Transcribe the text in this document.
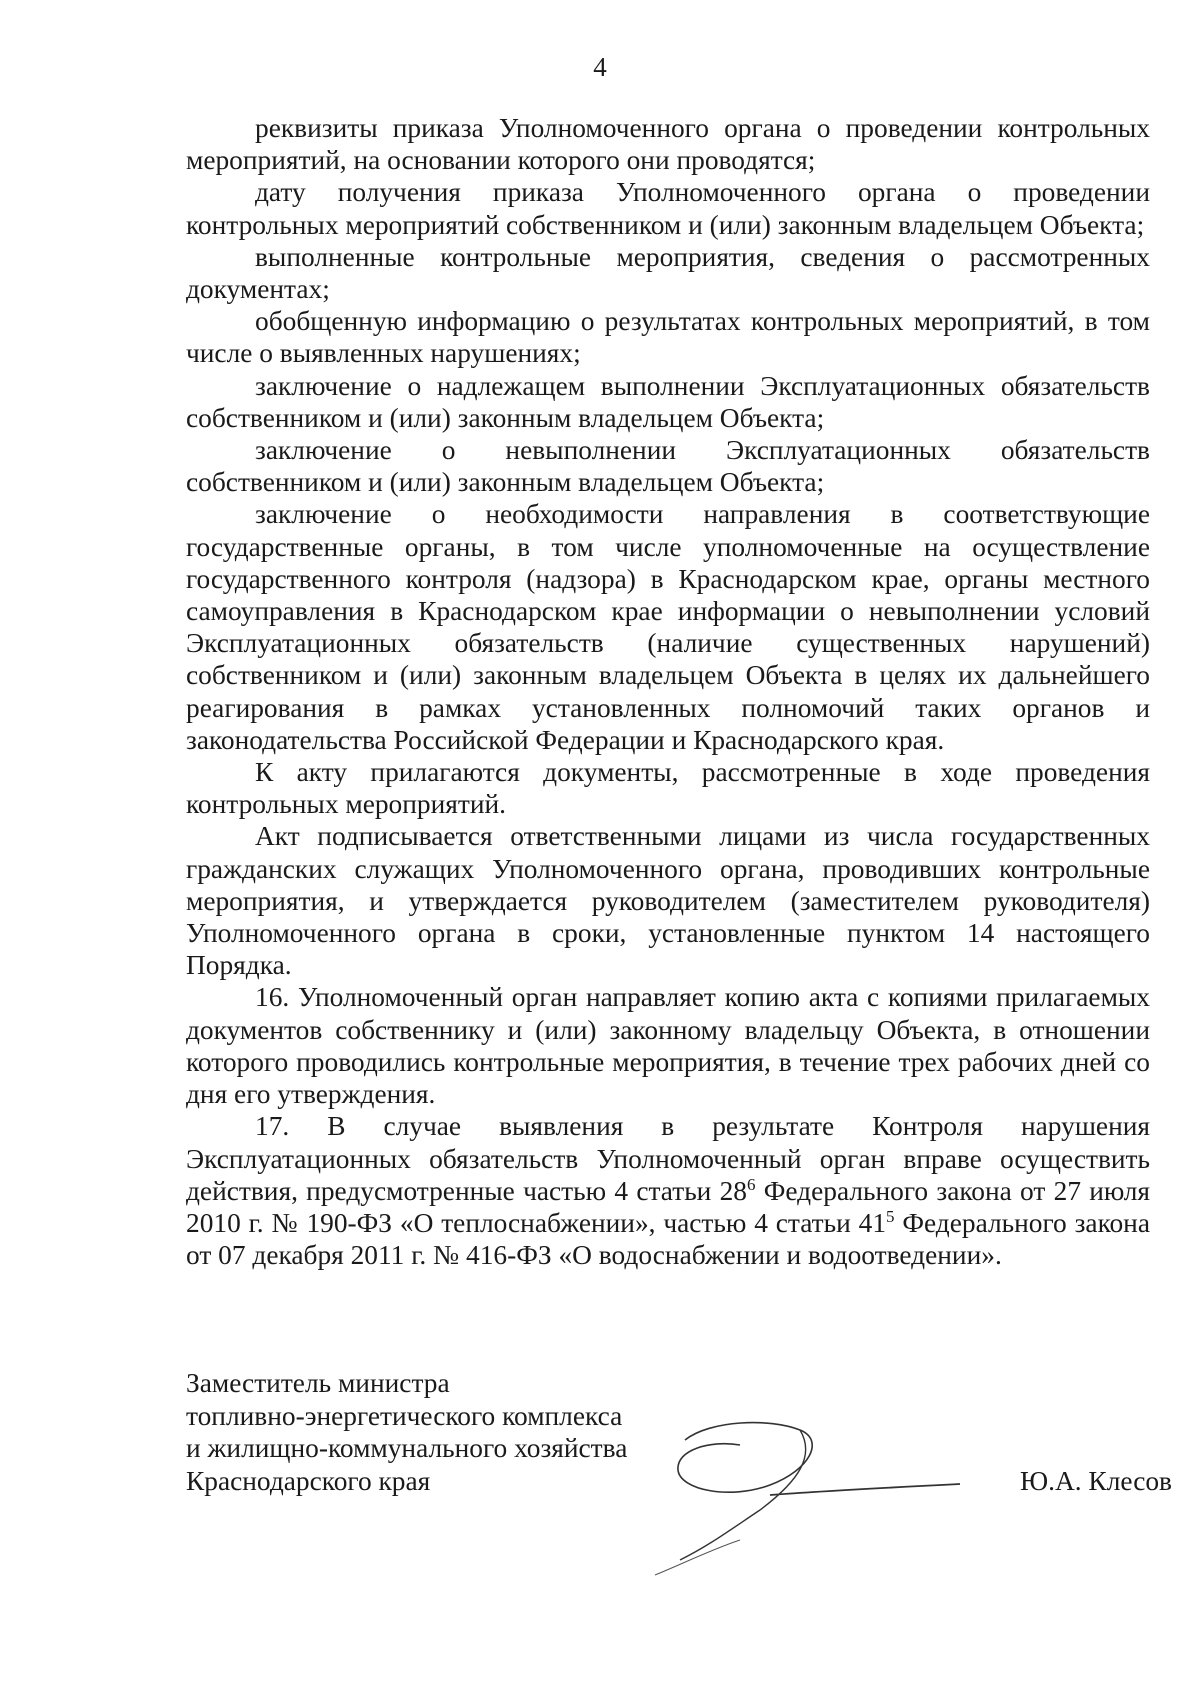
4

реквизиты приказа Уполномоченного органа о проведении контрольных мероприятий, на основании которого они проводятся;

дату получения приказа Уполномоченного органа о проведении контрольных мероприятий собственником и (или) законным владельцем Объекта;

выполненные контрольные мероприятия, сведения о рассмотренных документах;

обобщенную информацию о результатах контрольных мероприятий, в том числе о выявленных нарушениях;

заключение о надлежащем выполнении Эксплуатационных обязательств собственником и (или) законным владельцем Объекта;

заключение о невыполнении Эксплуатационных обязательств собственником и (или) законным владельцем Объекта;

заключение о необходимости направления в соответствующие государственные органы, в том числе уполномоченные на осуществление государственного контроля (надзора) в Краснодарском крае, органы местного самоуправления в Краснодарском крае информации о невыполнении условий Эксплуатационных обязательств (наличие существенных нарушений) собственником и (или) законным владельцем Объекта в целях их дальнейшего реагирования в рамках установленных полномочий таких органов и законодательства Российской Федерации и Краснодарского края.

К акту прилагаются документы, рассмотренные в ходе проведения контрольных мероприятий.

Акт подписывается ответственными лицами из числа государственных гражданских служащих Уполномоченного органа, проводивших контрольные мероприятия, и утверждается руководителем (заместителем руководителя) Уполномоченного органа в сроки, установленные пунктом 14 настоящего Порядка.

16. Уполномоченный орган направляет копию акта с копиями прилагаемых документов собственнику и (или) законному владельцу Объекта, в отношении которого проводились контрольные мероприятия, в течение трех рабочих дней со дня его утверждения.

17. В случае выявления в результате Контроля нарушения Эксплуатационных обязательств Уполномоченный орган вправе осуществить действия, предусмотренные частью 4 статьи $28^6$ Федерального закона от 27 июля 2010 г. № 190-ФЗ «О теплоснабжении», частью 4 статьи $41^5$ Федерального закона от 07 декабря 2011 г. № 416-ФЗ «О водоснабжении и водоотведении».

Заместитель министра

топливно-энергетического комплекса

и жилищно-коммунального хозяйства

Краснодарского края	Ю.А. Клесов
